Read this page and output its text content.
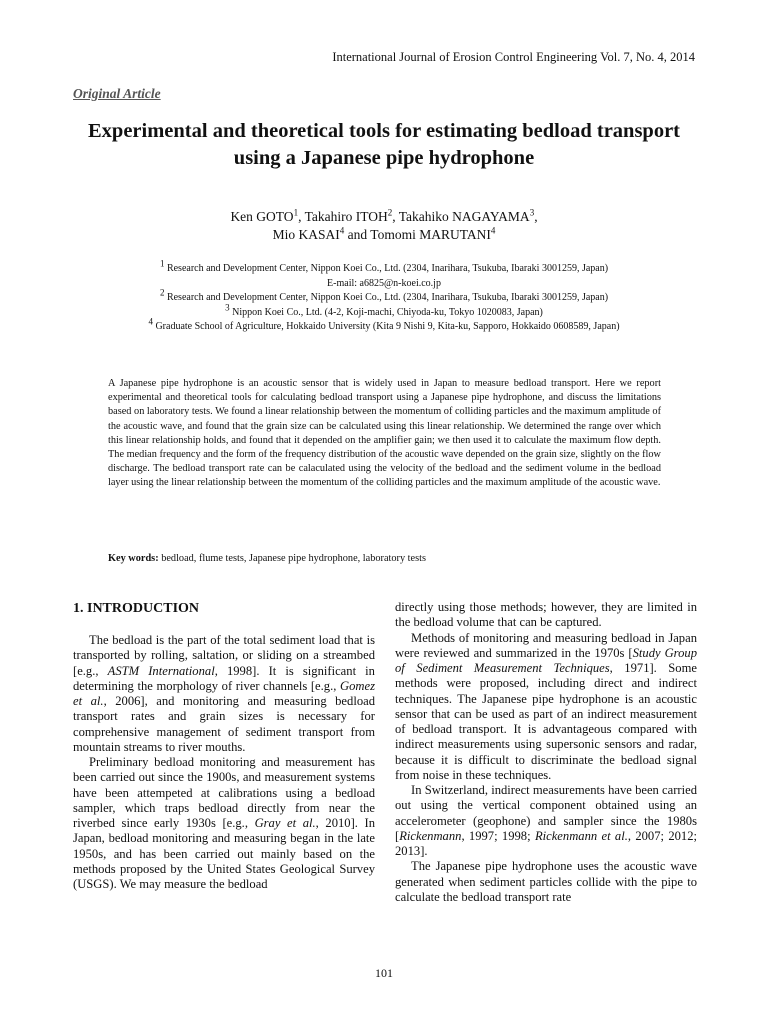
International Journal of Erosion Control Engineering Vol. 7, No. 4, 2014
Original Article
Experimental and theoretical tools for estimating bedload transport using a Japanese pipe hydrophone
Ken GOTO$^1$, Takahiro ITOH$^2$, Takahiko NAGAYAMA$^3$,
Mio KASAI$^4$ and Tomomi MARUTANI$^4$
$^1$ Research and Development Center, Nippon Koei Co., Ltd. (2304, Inarihara, Tsukuba, Ibaraki 3001259, Japan)
E-mail: a6825@n-koei.co.jp
$^2$ Research and Development Center, Nippon Koei Co., Ltd. (2304, Inarihara, Tsukuba, Ibaraki 3001259, Japan)
$^3$ Nippon Koei Co., Ltd. (4-2, Koji-machi, Chiyoda-ku, Tokyo 1020083, Japan)
$^4$ Graduate School of Agriculture, Hokkaido University (Kita 9 Nishi 9, Kita-ku, Sapporo, Hokkaido 0608589, Japan)

A Japanese pipe hydrophone is an acoustic sensor that is widely used in Japan to measure bedload transport. Here we report experimental and theoretical tools for calculating bedload transport using a Japanese pipe hydrophone, and discuss the limitations based on laboratory tests. We found a linear relationship between the momentum of colliding particles and the maximum amplitude of the acoustic wave, and found that the grain size can be calculated using this linear relationship. We determined the range over which this linear relationship holds, and found that it depended on the amplifier gain; we then used it to calculate the maximum flow depth. The median frequency and the form of the frequency distribution of the acoustic wave depended on the grain size, slightly on the flow discharge. The bedload transport rate can be calaculated using the velocity of the bedload and the sediment volume in the bedload layer using the linear relationship between the momentum of the colliding particles and the maximum amplitude of the acoustic wave.

Key words: bedload, flume tests, Japanese pipe hydrophone, laboratory tests
1. INTRODUCTION

The bedload is the part of the total sediment load that is transported by rolling, saltation, or sliding on a streambed [e.g., ASTM International, 1998]. It is significant in determining the morphology of river channels [e.g., Gomez et al., 2006], and monitoring and measuring bedload transport rates and grain sizes is necessary for comprehensive management of sediment transport from mountain streams to river mouths.

Preliminary bedload monitoring and measurement has been carried out since the 1900s, and measurement systems have been attempeted at calibrations using a bedload sampler, which traps bedload directly from near the riverbed since early 1930s [e.g., Gray et al., 2010]. In Japan, bedload monitoring and measuring began in the late 1950s, and has been carried out mainly based on the methods proposed by the United States Geological Survey (USGS). We may measure the bedload

directly using those methods; however, they are limited in the bedload volume that can be captured.

Methods of monitoring and measuring bedload in Japan were reviewed and summarized in the 1970s [Study Group of Sediment Measurement Techniques, 1971]. Some methods were proposed, including direct and indirect techniques. The Japanese pipe hydrophone is an acoustic sensor that can be used as part of an indirect measurement of bedload transport. It is advantageous compared with indirect measurements using supersonic sensors and radar, because it is difficult to discriminate the bedload signal from noise in these techniques.

In Switzerland, indirect measurements have been carried out using the vertical component obtained using an accelerometer (geophone) and sampler since the 1980s [Rickenmann, 1997; 1998; Rickenmann et al., 2007; 2012; 2013].

The Japanese pipe hydrophone uses the acoustic wave generated when sediment particles collide with the pipe to calculate the bedload transport rate

101
